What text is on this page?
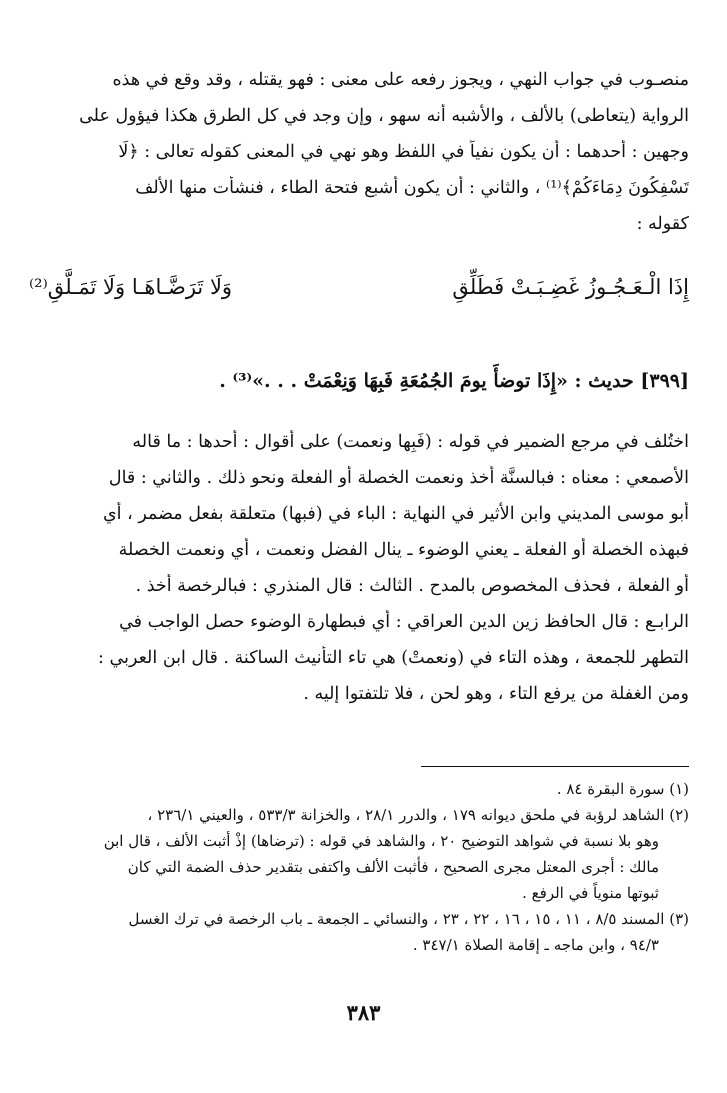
منصـوب في جواب النهي ، ويجوز رفعه على معنى : فهو يقتله ، وقد وقع في هذه
الرواية (يتعاطى) بالألف ، والأشبه أنه سهو ، وإن وجد في كل الطرق هكذا فيؤول على
وجهين : أحدهما : أن يكون نفياً في اللفظ وهو نهي في المعنى كقوله تعالى : ﴿لَا
تَسْفِكُونَ دِمَاءَكُمْ﴾⁽¹⁾ ، والثاني : أن يكون أشبع فتحة الطاء ، فنشأت منها الألف
كقوله :
إِذَا الْـعَـجُـوزُ غَضِـبَـتْ فَطَلِّقِ
وَلَا تَرَضَّـاهَـا وَلَا تَمَـلَّقِ⁽²⁾
[٣٩٩] حديث : «إِذَا توضأَ يومَ الجُمُعَةِ فَبِهَا وَنِعْمَتْ . . .»⁽³⁾ .
اختُلف في مرجع الضمير في قوله : (فَبِها ونعمت) على أقوال : أحدها : ما قاله
الأصمعي : معناه : فبالسنَّة أخذ ونعمت الخصلة أو الفعلة ونحو ذلك . والثاني : قال
أبو موسى المديني وابن الأثير في النهاية : الباء في (فبها) متعلقة بفعل مضمر ، أي
فبهذه الخصلة أو الفعلة ـ يعني الوضوء ـ ينال الفضل ونعمت ، أي ونعمت الخصلة
أو الفعلة ، فحذف المخصوص بالمدح . الثالث : قال المنذري : فبالرخصة أخذ .
الرابـع : قال الحافظ زين الدين العراقي : أي فبطهارة الوضوء حصل الواجب في
التطهر للجمعة ، وهذه التاء في (ونعمتْ) هي تاء التأنيث الساكنة . قال ابن العربي :
ومن الغفلة من يرفع التاء ، وهو لحن ، فلا تلتفتوا إليه .
(١) سورة البقرة ٨٤ .
(٢) الشاهد لرؤبة في ملحق ديوانه ١٧٩ ، والدرر ٢٨/١ ، والخزانة ٥٣٣/٣ ، والعيني ٢٣٦/١ ،
وهو بلا نسبة في شواهد التوضيح ٢٠ ، والشاهد في قوله : (ترضاها) إذْ أثبت الألف ، قال ابن
مالك : أجرى المعتل مجرى الصحيح ، فأثبت الألف واكتفى بتقدير حذف الضمة التي كان
ثبوتها منوياً في الرفع .
(٣) المسند ٨/٥ ، ١١ ، ١٥ ، ١٦ ، ٢٢ ، ٢٣ ، والنسائي ـ الجمعة ـ باب الرخصة في ترك الغسل
٩٤/٣ ، وابن ماجه ـ إقامة الصلاة ٣٤٧/١ .
٣٨٣
